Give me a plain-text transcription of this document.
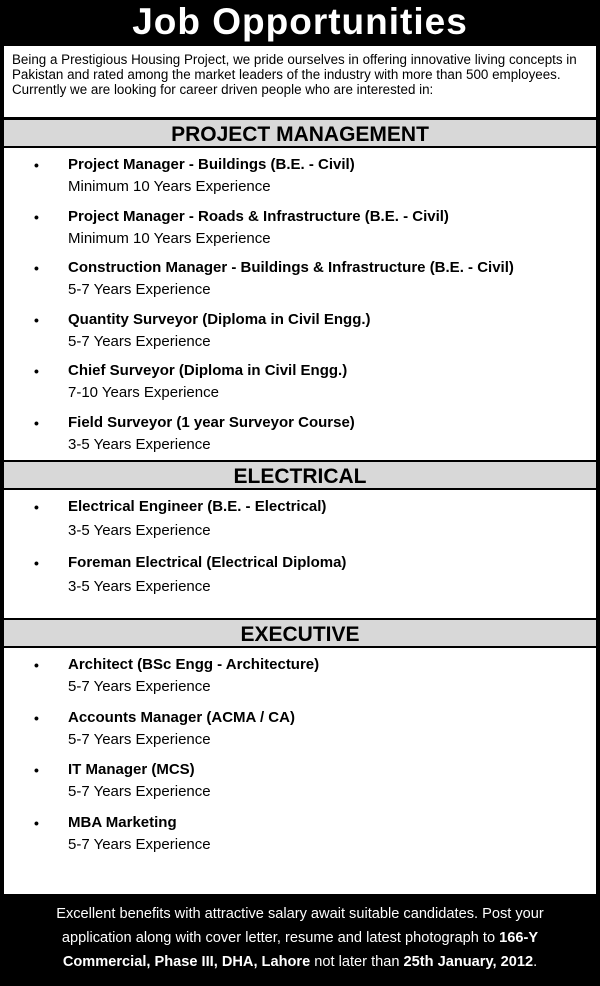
Job Opportunities
Being a Prestigious Housing Project, we pride ourselves in offering innovative living concepts in Pakistan and rated among the market leaders of the industry with more than 500 employees. Currently we are looking for career driven people who are interested in:
PROJECT MANAGEMENT
• Project Manager - Buildings (B.E. - Civil)
Minimum 10 Years Experience
• Project Manager - Roads & Infrastructure (B.E. - Civil)
Minimum 10 Years Experience
• Construction Manager - Buildings & Infrastructure (B.E. - Civil)
5-7 Years Experience
• Quantity Surveyor (Diploma in Civil Engg.)
5-7 Years Experience
• Chief Surveyor (Diploma in Civil Engg.)
7-10 Years Experience
• Field Surveyor (1 year Surveyor Course)
3-5 Years Experience
ELECTRICAL
• Electrical Engineer (B.E. - Electrical)
3-5 Years Experience
• Foreman Electrical (Electrical Diploma)
3-5 Years Experience
EXECUTIVE
• Architect (BSc Engg - Architecture)
5-7 Years Experience
• Accounts Manager (ACMA / CA)
5-7 Years Experience
• IT Manager (MCS)
5-7 Years Experience
• MBA Marketing
5-7 Years Experience
Excellent benefits with attractive salary await suitable candidates. Post your
application along with cover letter, resume and latest photograph to 166-Y
Commercial, Phase III, DHA, Lahore not later than 25th January, 2012.
